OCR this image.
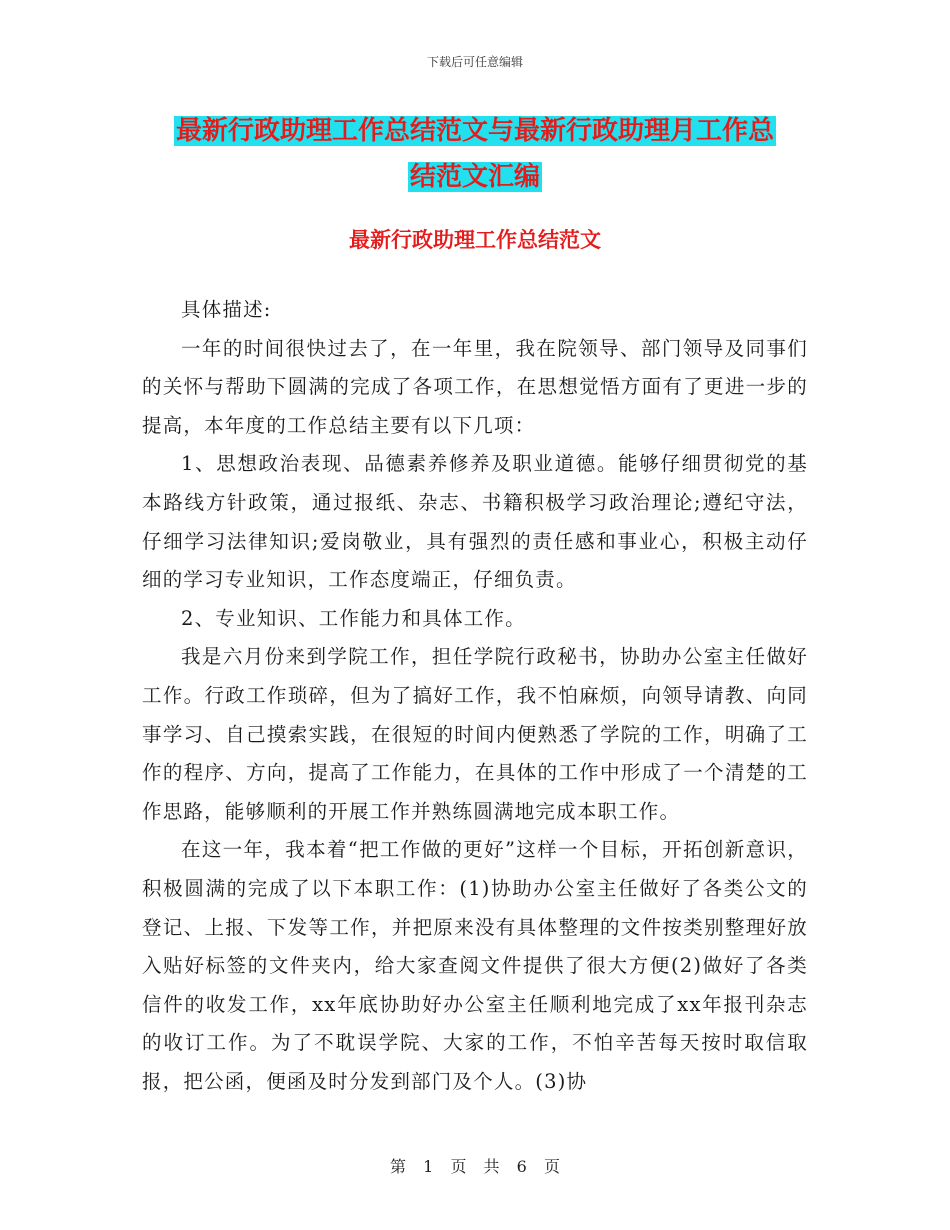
下载后可任意编辑
最新行政助理工作总结范文与最新行政助理月工作总
结范文汇编
最新行政助理工作总结范文

具体描述:

一年的时间很快过去了，在一年里，我在院领导、部门领导及同事们的关怀与帮助下圆满的完成了各项工作，在思想觉悟方面有了更进一步的提高，本年度的工作总结主要有以下几项：

1、思想政治表现、品德素养修养及职业道德。能够仔细贯彻党的基本路线方针政策，通过报纸、杂志、书籍积极学习政治理论;遵纪守法，仔细学习法律知识;爱岗敬业，具有强烈的责任感和事业心，积极主动仔细的学习专业知识，工作态度端正，仔细负责。

2、专业知识、工作能力和具体工作。

我是六月份来到学院工作，担任学院行政秘书，协助办公室主任做好工作。行政工作琐碎，但为了搞好工作，我不怕麻烦，向领导请教、向同事学习、自己摸索实践，在很短的时间内便熟悉了学院的工作，明确了工作的程序、方向，提高了工作能力，在具体的工作中形成了一个清楚的工作思路，能够顺利的开展工作并熟练圆满地完成本职工作。

在这一年，我本着“把工作做的更好”这样一个目标，开拓创新意识，积极圆满的完成了以下本职工作：(1)协助办公室主任做好了各类公文的登记、上报、下发等工作，并把原来没有具体整理的文件按类别整理好放入贴好标签的文件夹内，给大家查阅文件提供了很大方便(2)做好了各类信件的收发工作，xx年底协助好办公室主任顺利地完成了xx年报刊杂志的收订工作。为了不耽误学院、大家的工作，不怕辛苦每天按时取信取报，把公函，便函及时分发到部门及个人。(3)协

第 1 页 共 6 页
